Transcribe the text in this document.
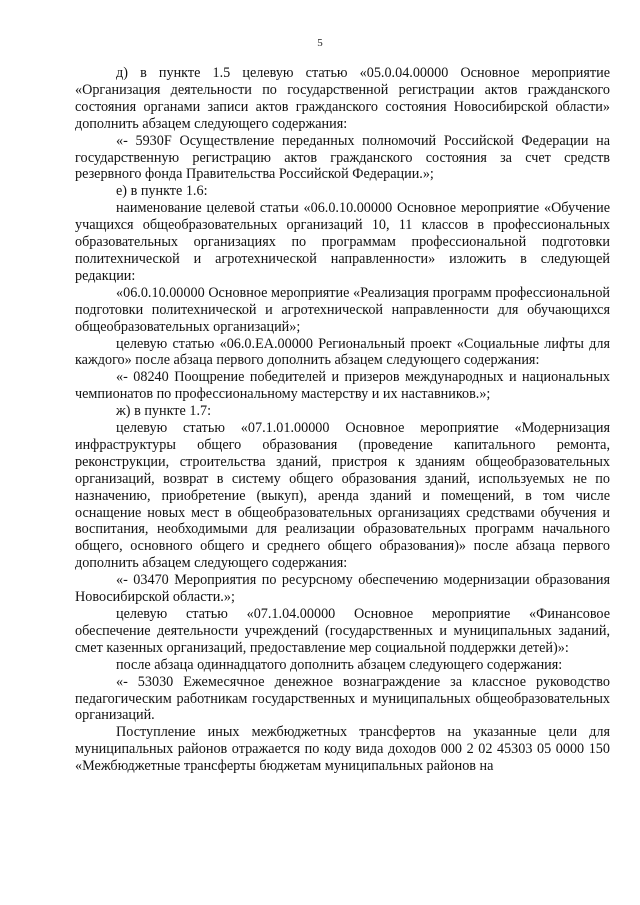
5

д) в пункте 1.5 целевую статью «05.0.04.00000 Основное мероприятие «Организация деятельности по государственной регистрации актов гражданского состояния органами записи актов гражданского состояния Новосибирской области» дополнить абзацем следующего содержания:

«- 5930F Осуществление переданных полномочий Российской Федерации на государственную регистрацию актов гражданского состояния за счет средств резервного фонда Правительства Российской Федерации.»;

е) в пункте 1.6:

наименование целевой статьи «06.0.10.00000 Основное мероприятие «Обучение учащихся общеобразовательных организаций 10, 11 классов в профессиональных образовательных организациях по программам профессиональной подготовки политехнической и агротехнической направленности» изложить в следующей редакции:

«06.0.10.00000 Основное мероприятие «Реализация программ профессиональной подготовки политехнической и агротехнической направленности для обучающихся общеобразовательных организаций»;

целевую статью «06.0.ЕА.00000 Региональный проект «Социальные лифты для каждого» после абзаца первого дополнить абзацем следующего содержания:

«- 08240 Поощрение победителей и призеров международных и национальных чемпионатов по профессиональному мастерству и их наставников.»;

ж) в пункте 1.7:

целевую статью «07.1.01.00000 Основное мероприятие «Модернизация инфраструктуры общего образования (проведение капитального ремонта, реконструкции, строительства зданий, пристроя к зданиям общеобразовательных организаций, возврат в систему общего образования зданий, используемых не по назначению, приобретение (выкуп), аренда зданий и помещений, в том числе оснащение новых мест в общеобразовательных организациях средствами обучения и воспитания, необходимыми для реализации образовательных программ начального общего, основного общего и среднего общего образования)» после абзаца первого дополнить абзацем следующего содержания:

«- 03470 Мероприятия по ресурсному обеспечению модернизации образования Новосибирской области.»;

целевую статью «07.1.04.00000 Основное мероприятие «Финансовое обеспечение деятельности учреждений (государственных и муниципальных заданий, смет казенных организаций, предоставление мер социальной поддержки детей)»:

после абзаца одиннадцатого дополнить абзацем следующего содержания:

«- 53030 Ежемесячное денежное вознаграждение за классное руководство педагогическим работникам государственных и муниципальных общеобразовательных организаций.

Поступление иных межбюджетных трансфертов на указанные цели для муниципальных районов отражается по коду вида доходов 000 2 02 45303 05 0000 150 «Межбюджетные трансферты бюджетам муниципальных районов на
